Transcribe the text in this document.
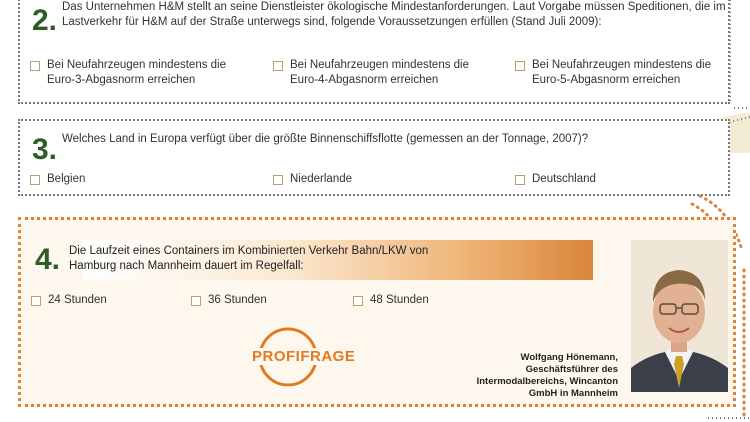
2. Das Unternehmen H&M stellt an seine Dienstleister ökologische Mindestanforderungen. Laut Vorgabe müssen Speditionen, die im Lastverkehr für H&M auf der Straße unterwegs sind, folgende Voraussetzungen erfüllen (Stand Juli 2009):
Bei Neufahrzeugen mindestens die Euro-3-Abgasnorm erreichen
Bei Neufahrzeugen mindestens die Euro-4-Abgasnorm erreichen
Bei Neufahrzeugen mindestens die Euro-5-Abgasnorm erreichen
3. Welches Land in Europa verfügt über die größte Binnenschiffsflotte (gemessen an der Tonnage, 2007)?
Belgien	Niederlande	Deutschland
4. Die Laufzeit eines Containers im Kombinierten Verkehr Bahn/LKW von Hamburg nach Mannheim dauert im Regelfall:
24 Stunden	36 Stunden	48 Stunden
PROFIFRAGE	Wolfgang Hönemann, Geschäftsführer des Intermodalbereichs, Wincanton GmbH in Mannheim
